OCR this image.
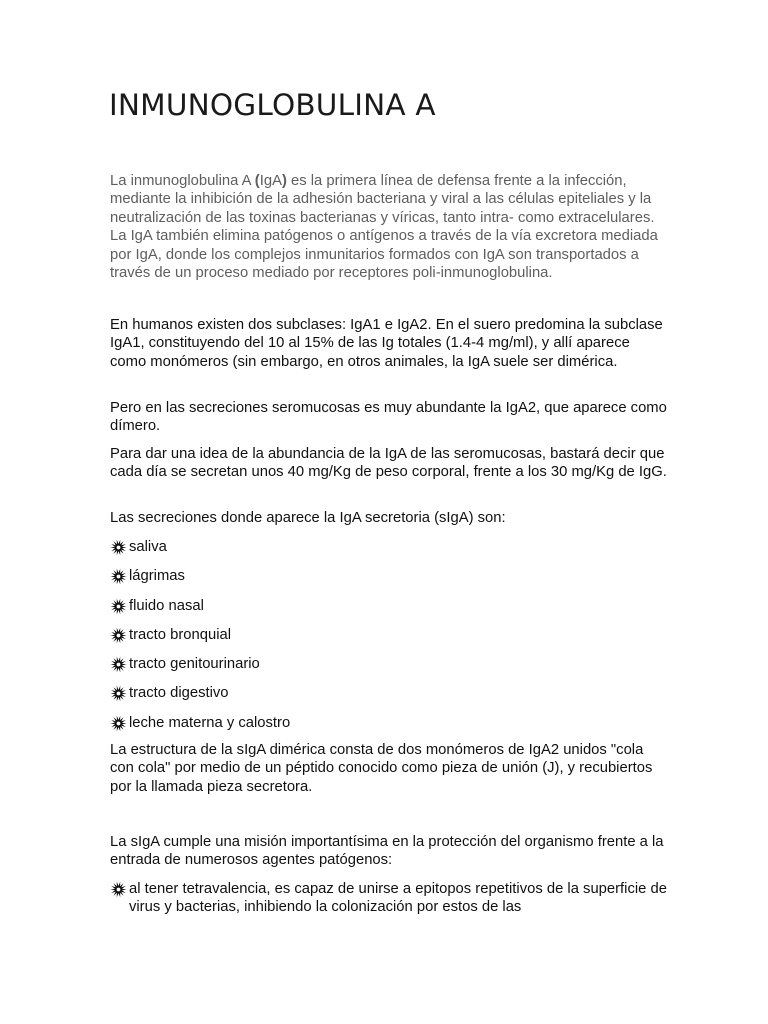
INMUNOGLOBULINA A

La inmunoglobulina A (IgA) es la primera línea de defensa frente a la infección, mediante la inhibición de la adhesión bacteriana y viral a las células epiteliales y la neutralización de las toxinas bacterianas y víricas, tanto intra- como extracelulares. La IgA también elimina patógenos o antígenos a través de la vía excretora mediada por IgA, donde los complejos inmunitarios formados con IgA son transportados a través de un proceso mediado por receptores poli-inmunoglobulina.

En humanos existen dos subclases: IgA1 e IgA2. En el suero predomina la subclase IgA1, constituyendo del 10 al 15% de las Ig totales (1.4-4 mg/ml), y allí aparece como monómeros (sin embargo, en otros animales, la IgA suele ser dimérica.

Pero en las secreciones seromucosas es muy abundante la IgA2, que aparece como dímero.

Para dar una idea de la abundancia de la IgA de las seromucosas, bastará decir que cada día se secretan unos 40 mg/Kg de peso corporal, frente a los 30 mg/Kg de IgG.

Las secreciones donde aparece la IgA secretoria (sIgA) son:

saliva
lágrimas
fluido nasal
tracto bronquial
tracto genitourinario
tracto digestivo
leche materna y calostro

La estructura de la sIgA dimérica consta de dos monómeros de IgA2 unidos "cola con cola" por medio de un péptido conocido como pieza de unión (J), y recubiertos por la llamada pieza secretora.

La sIgA cumple una misión importantísima en la protección del organismo frente a la entrada de numerosos agentes patógenos:

al tener tetravalencia, es capaz de unirse a epitopos repetitivos de la superficie de virus y bacterias, inhibiendo la colonización por estos de las
